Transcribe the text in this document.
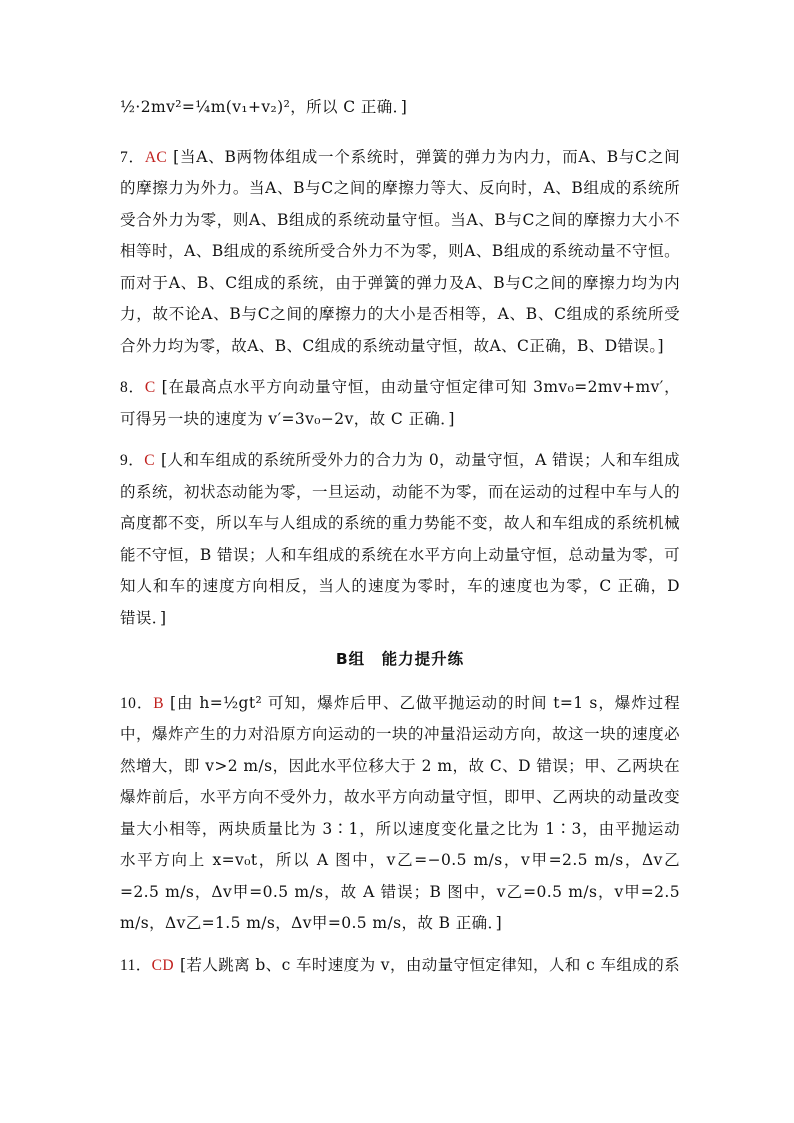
½·2mv²=¼m(v₁+v₂)²，所以 C 正确．]

7．AC [当A、B两物体组成一个系统时，弹簧的弹力为内力，而A、B与C之间的摩擦力为外力。当A、B与C之间的摩擦力等大、反向时，A、B组成的系统所受合外力为零，则A、B组成的系统动量守恒。当A、B与C之间的摩擦力大小不相等时，A、B组成的系统所受合外力不为零，则A、B组成的系统动量不守恒。而对于A、B、C组成的系统，由于弹簧的弹力及A、B与C之间的摩擦力均为内力，故不论A、B与C之间的摩擦力的大小是否相等，A、B、C组成的系统所受合外力均为零，故A、B、C组成的系统动量守恒，故A、C正确，B、D错误。]

8．C [在最高点水平方向动量守恒，由动量守恒定律可知 3mv₀=2mv+mv′，可得另一块的速度为 v′=3v₀−2v，故 C 正确．]

9．C [人和车组成的系统所受外力的合力为 0，动量守恒，A 错误；人和车组成的系统，初状态动能为零，一旦运动，动能不为零，而在运动的过程中车与人的高度都不变，所以车与人组成的系统的重力势能不变，故人和车组成的系统机械能不守恒，B 错误；人和车组成的系统在水平方向上动量守恒，总动量为零，可知人和车的速度方向相反，当人的速度为零时，车的速度也为零，C 正确，D 错误．]

B组　能力提升练

10．B [由 h=½gt² 可知，爆炸后甲、乙做平抛运动的时间 t=1 s，爆炸过程中，爆炸产生的力对沿原方向运动的一块的冲量沿运动方向，故这一块的速度必然增大，即 v>2 m/s，因此水平位移大于 2 m，故 C、D 错误；甲、乙两块在爆炸前后，水平方向不受外力，故水平方向动量守恒，即甲、乙两块的动量改变量大小相等，两块质量比为 3∶1，所以速度变化量之比为 1∶3，由平抛运动水平方向上 x=v₀t，所以 A 图中，v乙=−0.5 m/s，v甲=2.5 m/s，Δv乙=2.5 m/s，Δv甲=0.5 m/s，故 A 错误；B 图中，v乙=0.5 m/s，v甲=2.5 m/s，Δv乙=1.5 m/s，Δv甲=0.5 m/s，故 B 正确．]

11．CD [若人跳离 b、c 车时速度为 v，由动量守恒定律知，人和 c 车组成的系
